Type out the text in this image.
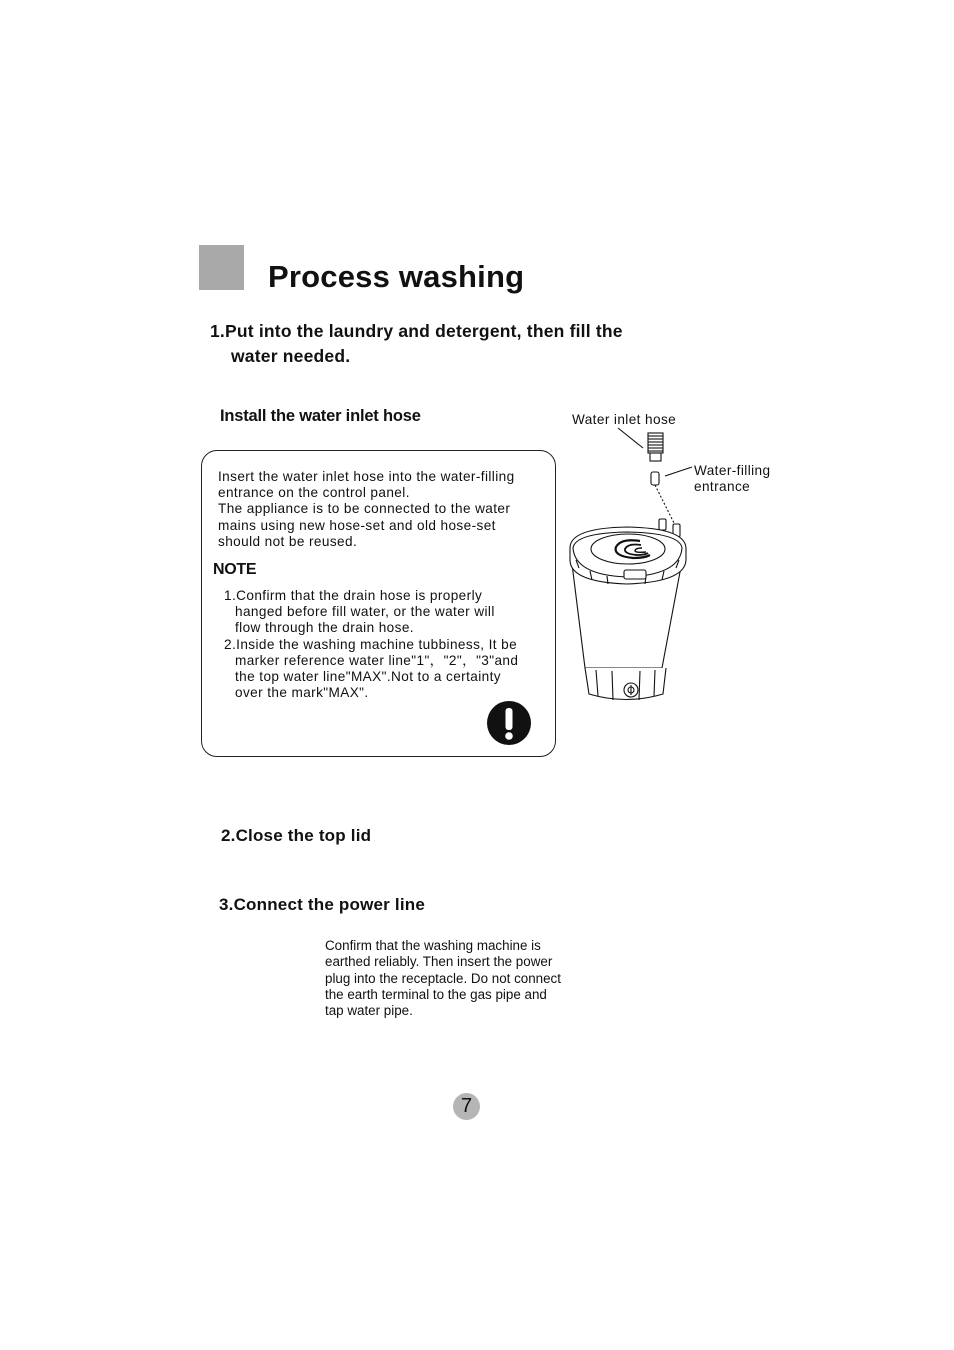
Process washing
1.Put into the laundry and detergent, then fill the
water needed.
Install the water inlet hose
Insert the water inlet hose into the water-filling
entrance on the control panel.
The appliance is to be connected to the water
mains using new hose-set and old hose-set
should not be reused.
NOTE
1.Confirm that the drain hose is properly
hanged before fill water, or the water will
flow through the drain hose.
2.Inside the washing machine tubbiness, It be
marker reference water line"1"，"2"，"3"and
the top water line"MAX".Not to a certainty
over the mark"MAX".
Water inlet hose
Water-filling
entrance
2.Close the top lid
3.Connect the power line
Confirm that the washing machine is
earthed reliably. Then insert the power
plug into the receptacle. Do not connect
the earth terminal to the gas pipe and
tap water pipe.
7
